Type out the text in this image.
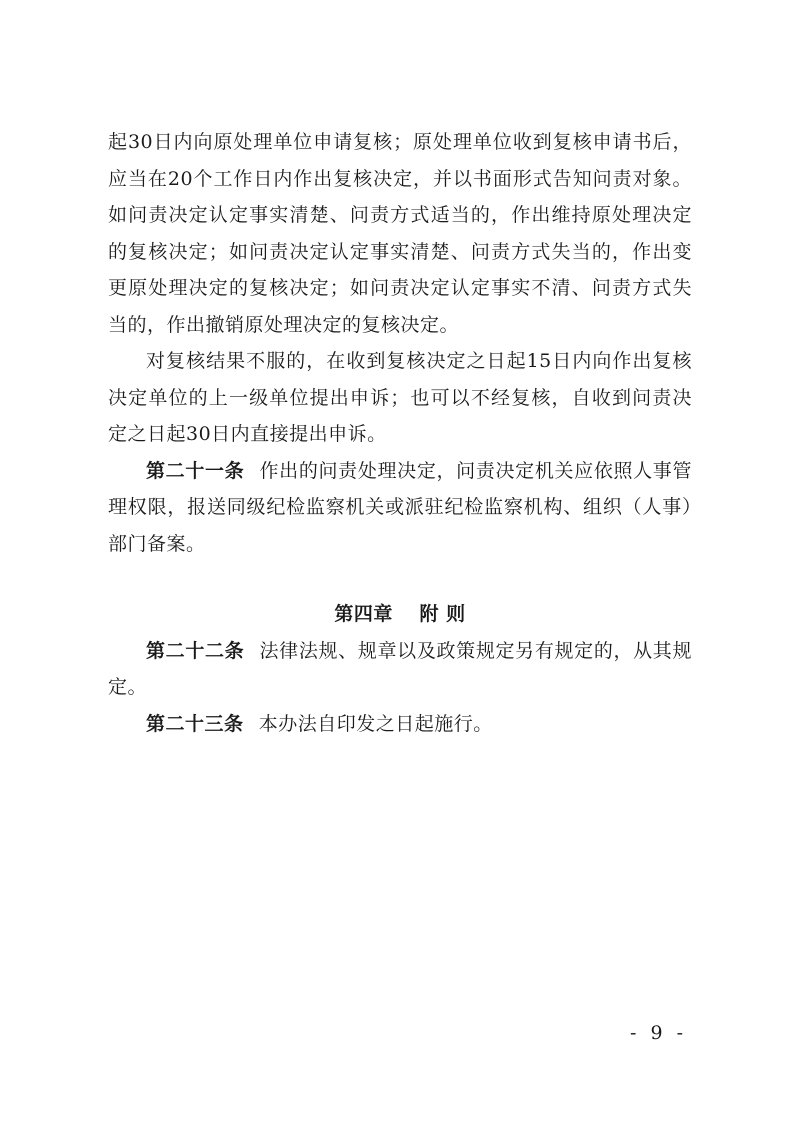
起30日内向原处理单位申请复核；原处理单位收到复核申请书后，应当在20个工作日内作出复核决定，并以书面形式告知问责对象。如问责决定认定事实清楚、问责方式适当的，作出维持原处理决定的复核决定；如问责决定认定事实清楚、问责方式失当的，作出变更原处理决定的复核决定；如问责决定认定事实不清、问责方式失当的，作出撤销原处理决定的复核决定。

对复核结果不服的，在收到复核决定之日起15日内向作出复核决定单位的上一级单位提出申诉；也可以不经复核，自收到问责决定之日起30日内直接提出申诉。

第二十一条 作出的问责处理决定，问责决定机关应依照人事管理权限，报送同级纪检监察机关或派驻纪检监察机构、组织（人事）部门备案。

第四章 附 则

第二十二条 法律法规、规章以及政策规定另有规定的，从其规定。

第二十三条 本办法自印发之日起施行。

- 9 -
